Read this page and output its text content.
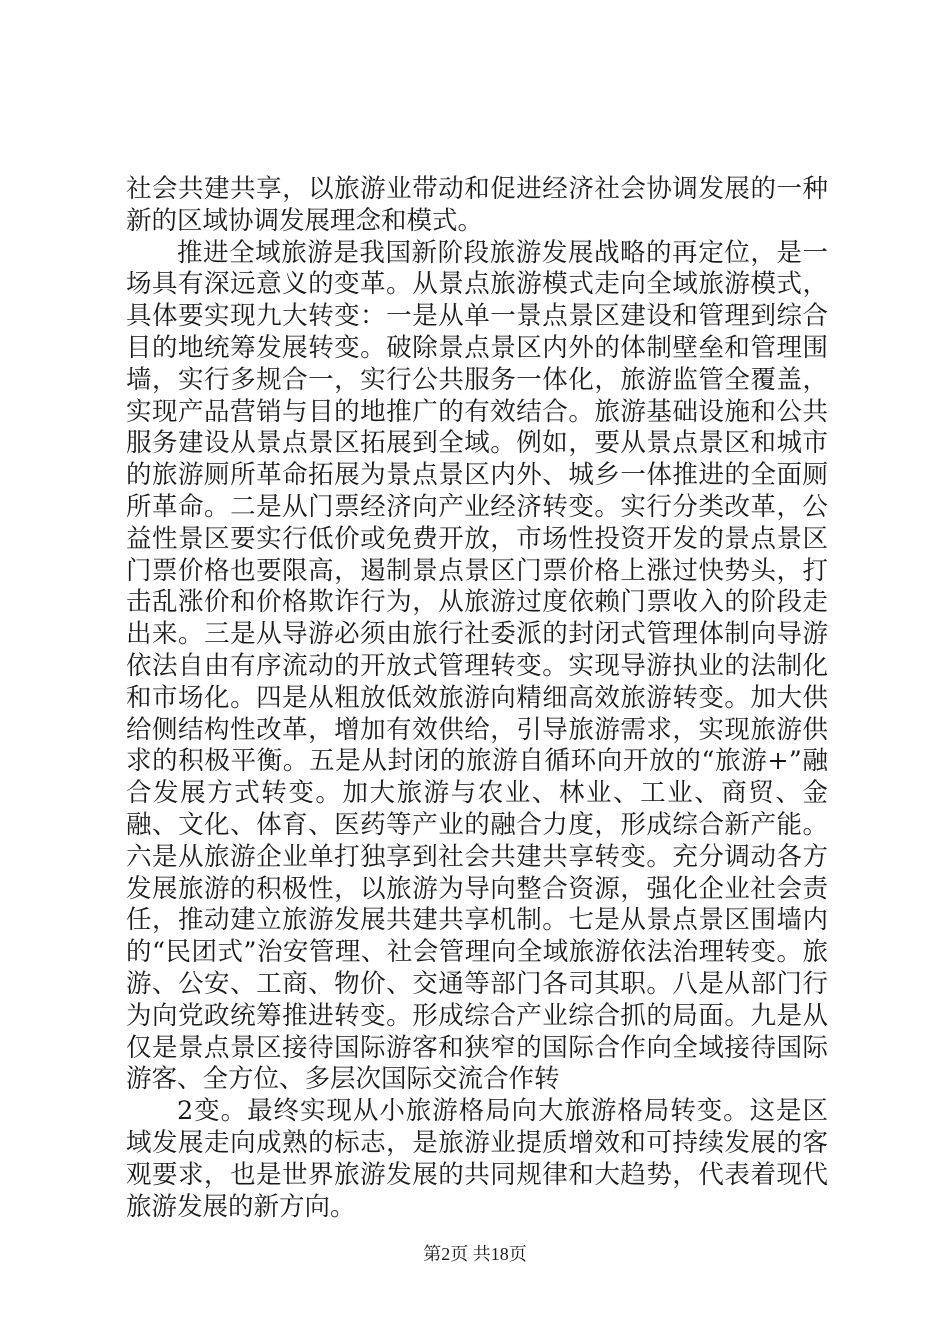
社会共建共享，以旅游业带动和促进经济社会协调发展的一种新的区域协调发展理念和模式。

推进全域旅游是我国新阶段旅游发展战略的再定位，是一场具有深远意义的变革。从景点旅游模式走向全域旅游模式，具体要实现九大转变：一是从单一景点景区建设和管理到综合目的地统筹发展转变。破除景点景区内外的体制壁垒和管理围墙，实行多规合一，实行公共服务一体化，旅游监管全覆盖，实现产品营销与目的地推广的有效结合。旅游基础设施和公共服务建设从景点景区拓展到全域。例如，要从景点景区和城市的旅游厕所革命拓展为景点景区内外、城乡一体推进的全面厕所革命。二是从门票经济向产业经济转变。实行分类改革，公益性景区要实行低价或免费开放，市场性投资开发的景点景区门票价格也要限高，遏制景点景区门票价格上涨过快势头，打击乱涨价和价格欺诈行为，从旅游过度依赖门票收入的阶段走出来。三是从导游必须由旅行社委派的封闭式管理体制向导游依法自由有序流动的开放式管理转变。实现导游执业的法制化和市场化。四是从粗放低效旅游向精细高效旅游转变。加大供给侧结构性改革，增加有效供给，引导旅游需求，实现旅游供求的积极平衡。五是从封闭的旅游自循环向开放的“旅游+”融合发展方式转变。加大旅游与农业、林业、工业、商贸、金融、文化、体育、医药等产业的融合力度，形成综合新产能。六是从旅游企业单打独享到社会共建共享转变。充分调动各方发展旅游的积极性，以旅游为导向整合资源，强化企业社会责任，推动建立旅游发展共建共享机制。七是从景点景区围墙内的“民团式”治安管理、社会管理向全域旅游依法治理转变。旅游、公安、工商、物价、交通等部门各司其职。八是从部门行为向党政统筹推进转变。形成综合产业综合抓的局面。九是从仅是景点景区接待国际游客和狭窄的国际合作向全域接待国际游客、全方位、多层次国际交流合作转

2变。最终实现从小旅游格局向大旅游格局转变。这是区域发展走向成熟的标志，是旅游业提质增效和可持续发展的客观要求，也是世界旅游发展的共同规律和大趋势，代表着现代旅游发展的新方向。

第2页 共18页
